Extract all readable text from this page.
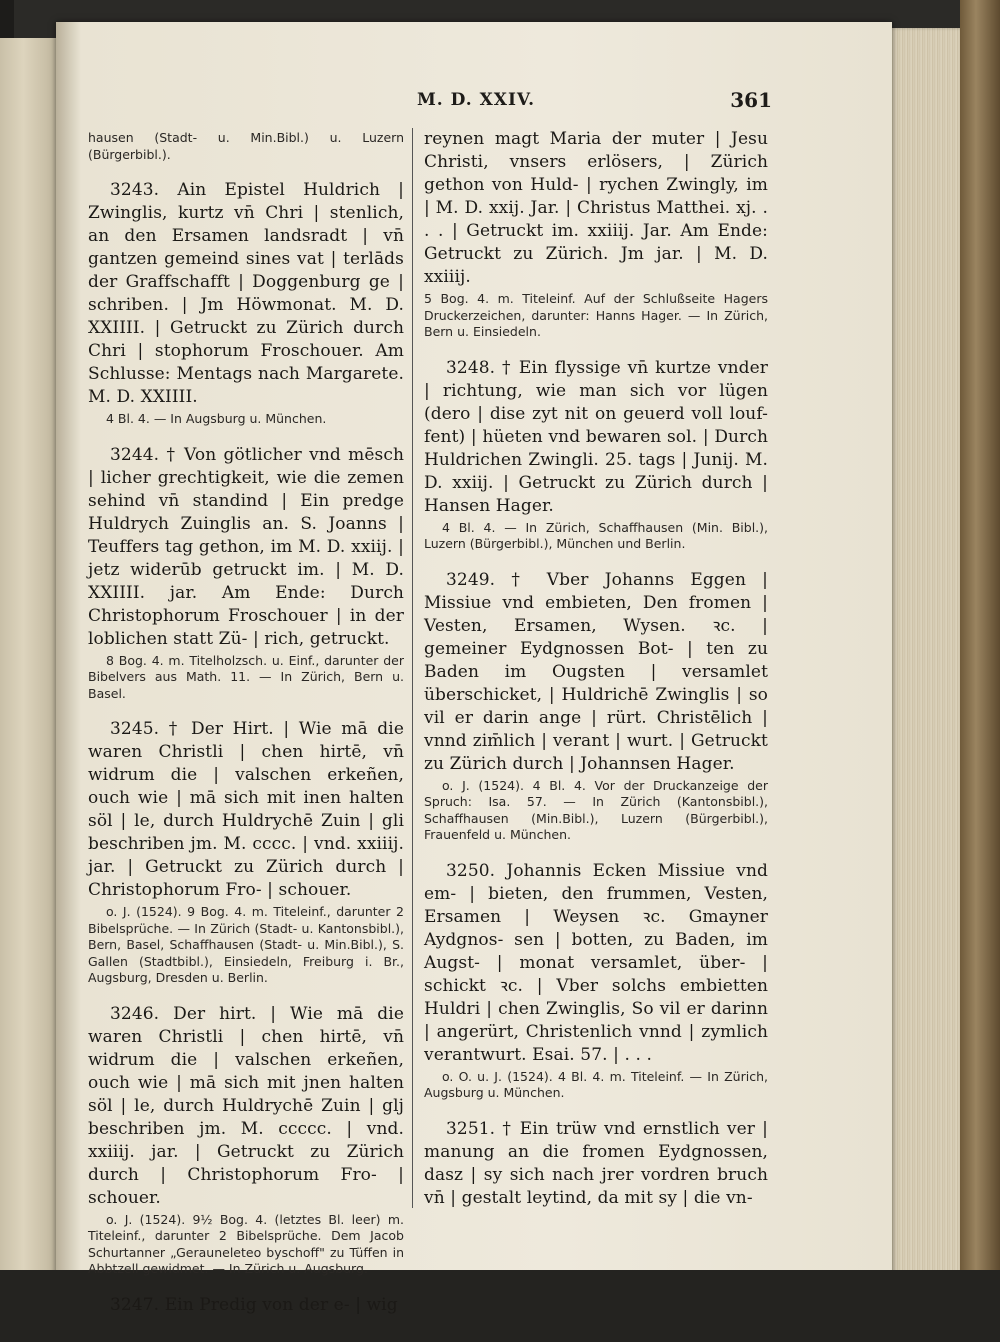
M. D. XXIV.	361

hausen (Stadt- u. Min.Bibl.) u. Luzern (Bürgerbibl.).

3243. Ain Epistel Huldrich | Zwinglis, kurtz vn̄ Chri | stenlich, an den Ersamen landsradt | vn̄ gantzen gemeind sines vat | terlāds der Graffschafft | Doggenburg ge | schriben. | Jm Höwmonat. M. D. XXIIII. | Getruckt zu Zürich durch Chri | stophorum Froschouer. Am Schlusse: Mentags nach Margarete. M. D. XXIIII.

4 Bl. 4. — In Augsburg u. München.

3244. † Von götlicher vnd mēsch | licher grechtigkeit, wie die zemen sehind vn̄ standind | Ein predge Huldrych Zuinglis an. S. Joanns | Teuffers tag gethon, im M. D. xxiij. | jetz widerūb getruckt im. | M. D. XXIIII. jar. Am Ende: Durch Christophorum Froschouer | in der loblichen statt Zü- | rich, getruckt.

8 Bog. 4. m. Titelholzsch. u. Einf., darunter der Bibelvers aus Math. 11. — In Zürich, Bern u. Basel.

3245. † Der Hirt. | Wie mā die waren Christli | chen hirtē, vn̄ widrum die | valschen erkeñen, ouch wie | mā sich mit inen halten söl | le, durch Huldrychē Zuin | gli beschriben jm. M. cccc. | vnd. xxiiij. jar. | Getruckt zu Zürich durch | Christophorum Fro- | schouer.

o. J. (1524). 9 Bog. 4. m. Titeleinf., darunter 2 Bibelsprüche. — In Zürich (Stadt- u. Kantonsbibl.), Bern, Basel, Schaffhausen (Stadt- u. Min.Bibl.), S. Gallen (Stadtbibl.), Einsiedeln, Freiburg i. Br., Augsburg, Dresden u. Berlin.

3246. Der hirt. | Wie mā die waren Christli | chen hirtē, vn̄ widrum die | valschen erkeñen, ouch wie | mā sich mit jnen halten söl | le, durch Huldrychē Zuin | glj beschriben jm. M. ccccc. | vnd. xxiiij. jar. | Getruckt zu Zürich durch | Christophorum Fro- | schouer.

o. J. (1524). 9½ Bog. 4. (letztes Bl. leer) m. Titeleinf., darunter 2 Bibelsprüche. Dem Jacob Schurtanner „Gerauneleteo byschoff" zu Tüffen in Abbtzell gewidmet. — In Zürich u. Augsburg.

3247. Ein Predig von der e- | wig

reynen magt Maria der muter | Jesu Christi, vnsers erlösers, | Zürich gethon von Huld- | rychen Zwingly, im | M. D. xxij. Jar. | Christus Matthei. xj. . . . | Getruckt im. xxiiij. Jar. Am Ende: Getruckt zu Zürich. Jm jar. | M. D. xxiiij.

5 Bog. 4. m. Titeleinf. Auf der Schlußseite Hagers Druckerzeichen, darunter: Hanns Hager. — In Zürich, Bern u. Einsiedeln.

3248. † Ein flyssige vn̄ kurtze vnder | richtung, wie man sich vor lügen (dero | dise zyt nit on geuerd voll louf- fent) | hüeten vnd bewaren sol. | Durch Huldrichen Zwingli. 25. tags | Junij. M. D. xxiij. | Getruckt zu Zürich durch | Hansen Hager.

4 Bl. 4. — In Zürich, Schaffhausen (Min. Bibl.), Luzern (Bürgerbibl.), München und Berlin.

3249. † Vber Johanns Eggen | Missiue vnd embieten, Den fromen | Vesten, Ersamen, Wysen. ꝛc. | gemeiner Eydgnossen Bot- | ten zu Baden im Ougsten | versamlet überschicket, | Huldrichē Zwinglis | so vil er darin ange | rürt. Christēlich | vnnd zim̄lich | verant | wurt. | Getruckt zu Zürich durch | Johannsen Hager.

o. J. (1524). 4 Bl. 4. Vor der Druckanzeige der Spruch: Isa. 57. — In Zürich (Kantonsbibl.), Schaffhausen (Min.Bibl.), Luzern (Bürgerbibl.), Frauenfeld u. München.

3250. Johannis Ecken Missiue vnd em- | bieten, den frummen, Vesten, Ersamen | Weysen ꝛc. Gmayner Aydgnos- sen | botten, zu Baden, im Augst- | monat versamlet, über- | schickt ꝛc. | Vber solchs embietten Huldri | chen Zwinglis, So vil er darinn | angerürt, Christenlich vnnd | zymlich verantwurt. Esai. 57. | . . .

o. O. u. J. (1524). 4 Bl. 4. m. Titeleinf. — In Zürich, Augsburg u. München.

3251. † Ein trüw vnd ernstlich ver | manung an die fromen Eydgnossen, dasz | sy sich nach jrer vordren bruch vn̄ | gestalt leytind, da mit sy | die vn-
